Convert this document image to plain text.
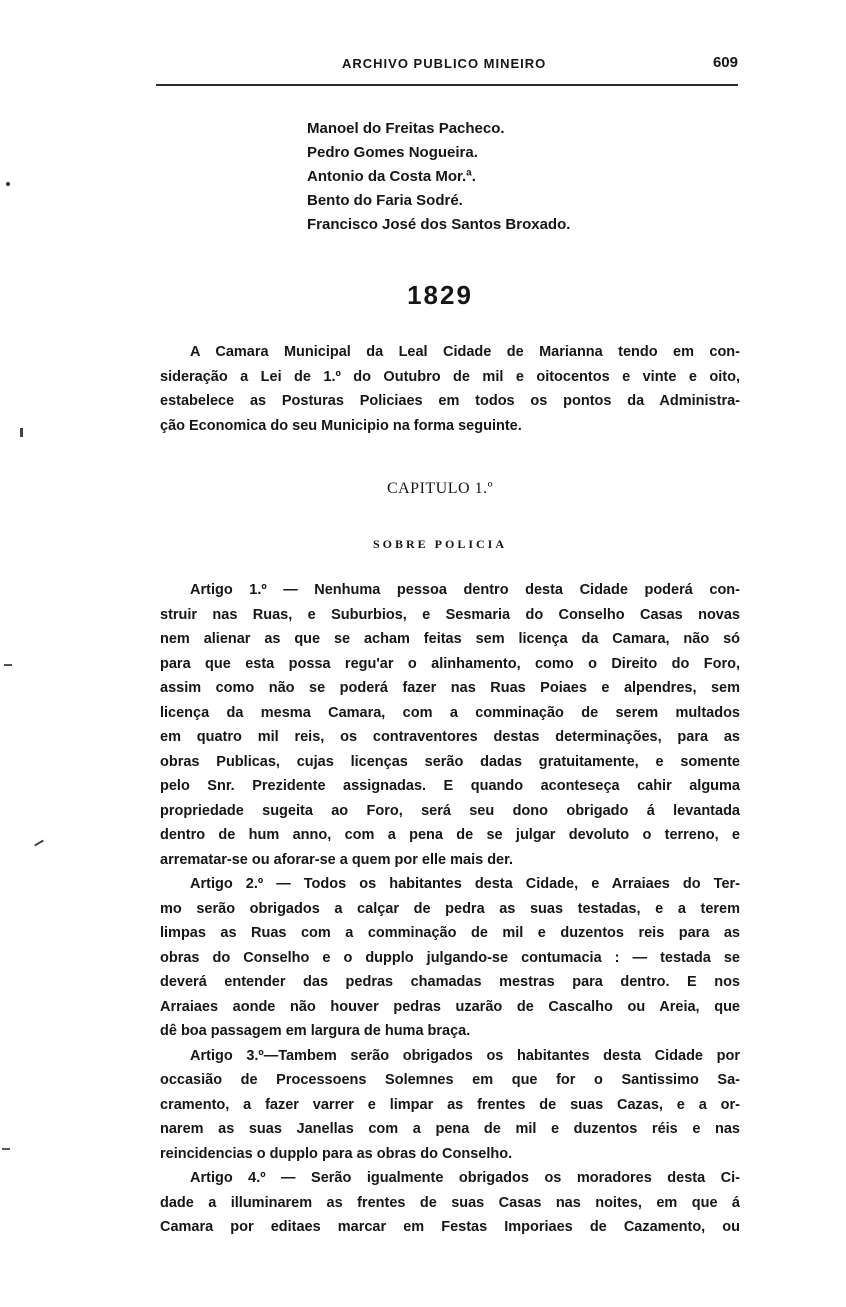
ARCHIVO PUBLICO MINEIRO	609
Manoel do Freitas Pacheco.
Pedro Gomes Nogueira.
Antonio da Costa Mor.ª.
Bento do Faria Sodré.
Francisco José dos Santos Broxado.
1829
A Camara Municipal da Leal Cidade de Marianna tendo em con-
sideração a Lei de 1.º do Outubro de mil e oitocentos e vinte e oito,
estabelece as Posturas Policiaes em todos os pontos da Administra-
ção Economica do seu Municipio na forma seguinte.
CAPITULO 1.º
SOBRE POLICIA
Artigo 1.º — Nenhuma pessoa dentro desta Cidade poderá con-
struir nas Ruas, e Suburbios, e Sesmaria do Conselho Casas novas
nem alienar as que se acham feitas sem licença da Camara, não só
para que esta possa regu'ar o alinhamento, como o Direito do Foro,
assim como não se poderá fazer nas Ruas Poiaes e alpendres, sem
licença da mesma Camara, com a comminação de serem multados
em quatro mil reis, os contraventores destas determinações, para as
obras Publicas, cujas licenças serão dadas gratuitamente, e somente
pelo Snr. Prezidente assignadas. E quando aconteseça cahir alguma
propriedade sugeita ao Foro, será seu dono obrigado á levantada
dentro de hum anno, com a pena de se julgar devoluto o terreno, e
arrematar-se ou aforar-se a quem por elle mais der.
Artigo 2.º — Todos os habitantes desta Cidade, e Arraiaes do Ter-
mo serão obrigados a calçar de pedra as suas testadas, e a terem
limpas as Ruas com a comminação de mil e duzentos reis para as
obras do Conselho e o dupplo julgando-se contumacia : — testada se
deverá entender das pedras chamadas mestras para dentro. E nos
Arraiaes aonde não houver pedras uzarão de Cascalho ou Areia, que
dê boa passagem em largura de huma braça.
Artigo 3.º—Tambem serão obrigados os habitantes desta Cidade por
occasião de Processoens Solemnes em que for o Santissimo Sa-
cramento, a fazer varrer e limpar as frentes de suas Cazas, e a or-
narem as suas Janellas com a pena de mil e duzentos réis e nas
reincidencias o dupplo para as obras do Conselho.
Artigo 4.º — Serão igualmente obrigados os moradores desta Ci-
dade a illuminarem as frentes de suas Casas nas noites, em que á
Camara por editaes marcar em Festas Imporiaes de Cazamento, ou
